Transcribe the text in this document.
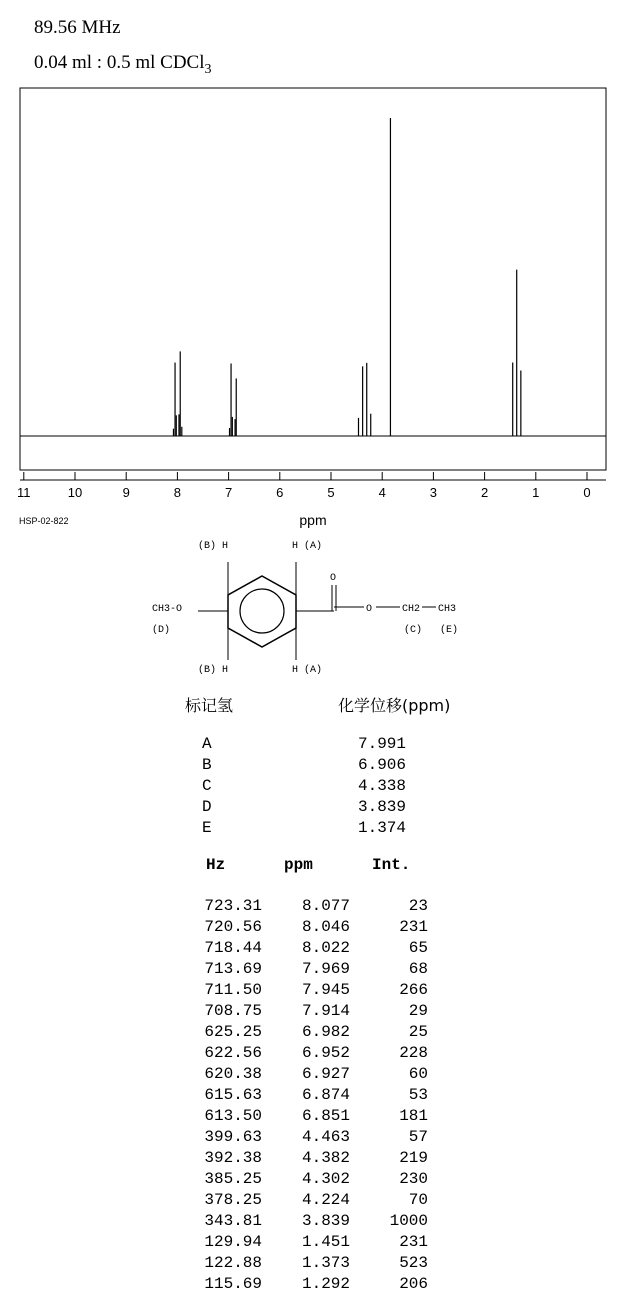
89.56 MHz
0.04 ml : 0.5 ml CDCl$_3$
11	10	9	8	7	6	5	4	3	2	1	0
ppm
HSP-02-822
(B) H	H (A)
(B) H	H (A)
O
CH3-O
(D)
O	CH2 CH3
(C) (E)
标记氢	化学位移(ppm)
A	7.991
B	6.906
C	4.338
D	3.839
E	1.374
Hz	ppm	Int.
723.31	8.077	23
720.56	8.046	231
718.44	8.022	65
713.69	7.969	68
711.50	7.945	266
708.75	7.914	29
625.25	6.982	25
622.56	6.952	228
620.38	6.927	60
615.63	6.874	53
613.50	6.851	181
399.63	4.463	57
392.38	4.382	219
385.25	4.302	230
378.25	4.224	70
343.81	3.839	1000
129.94	1.451	231
122.88	1.373	523
115.69	1.292	206
